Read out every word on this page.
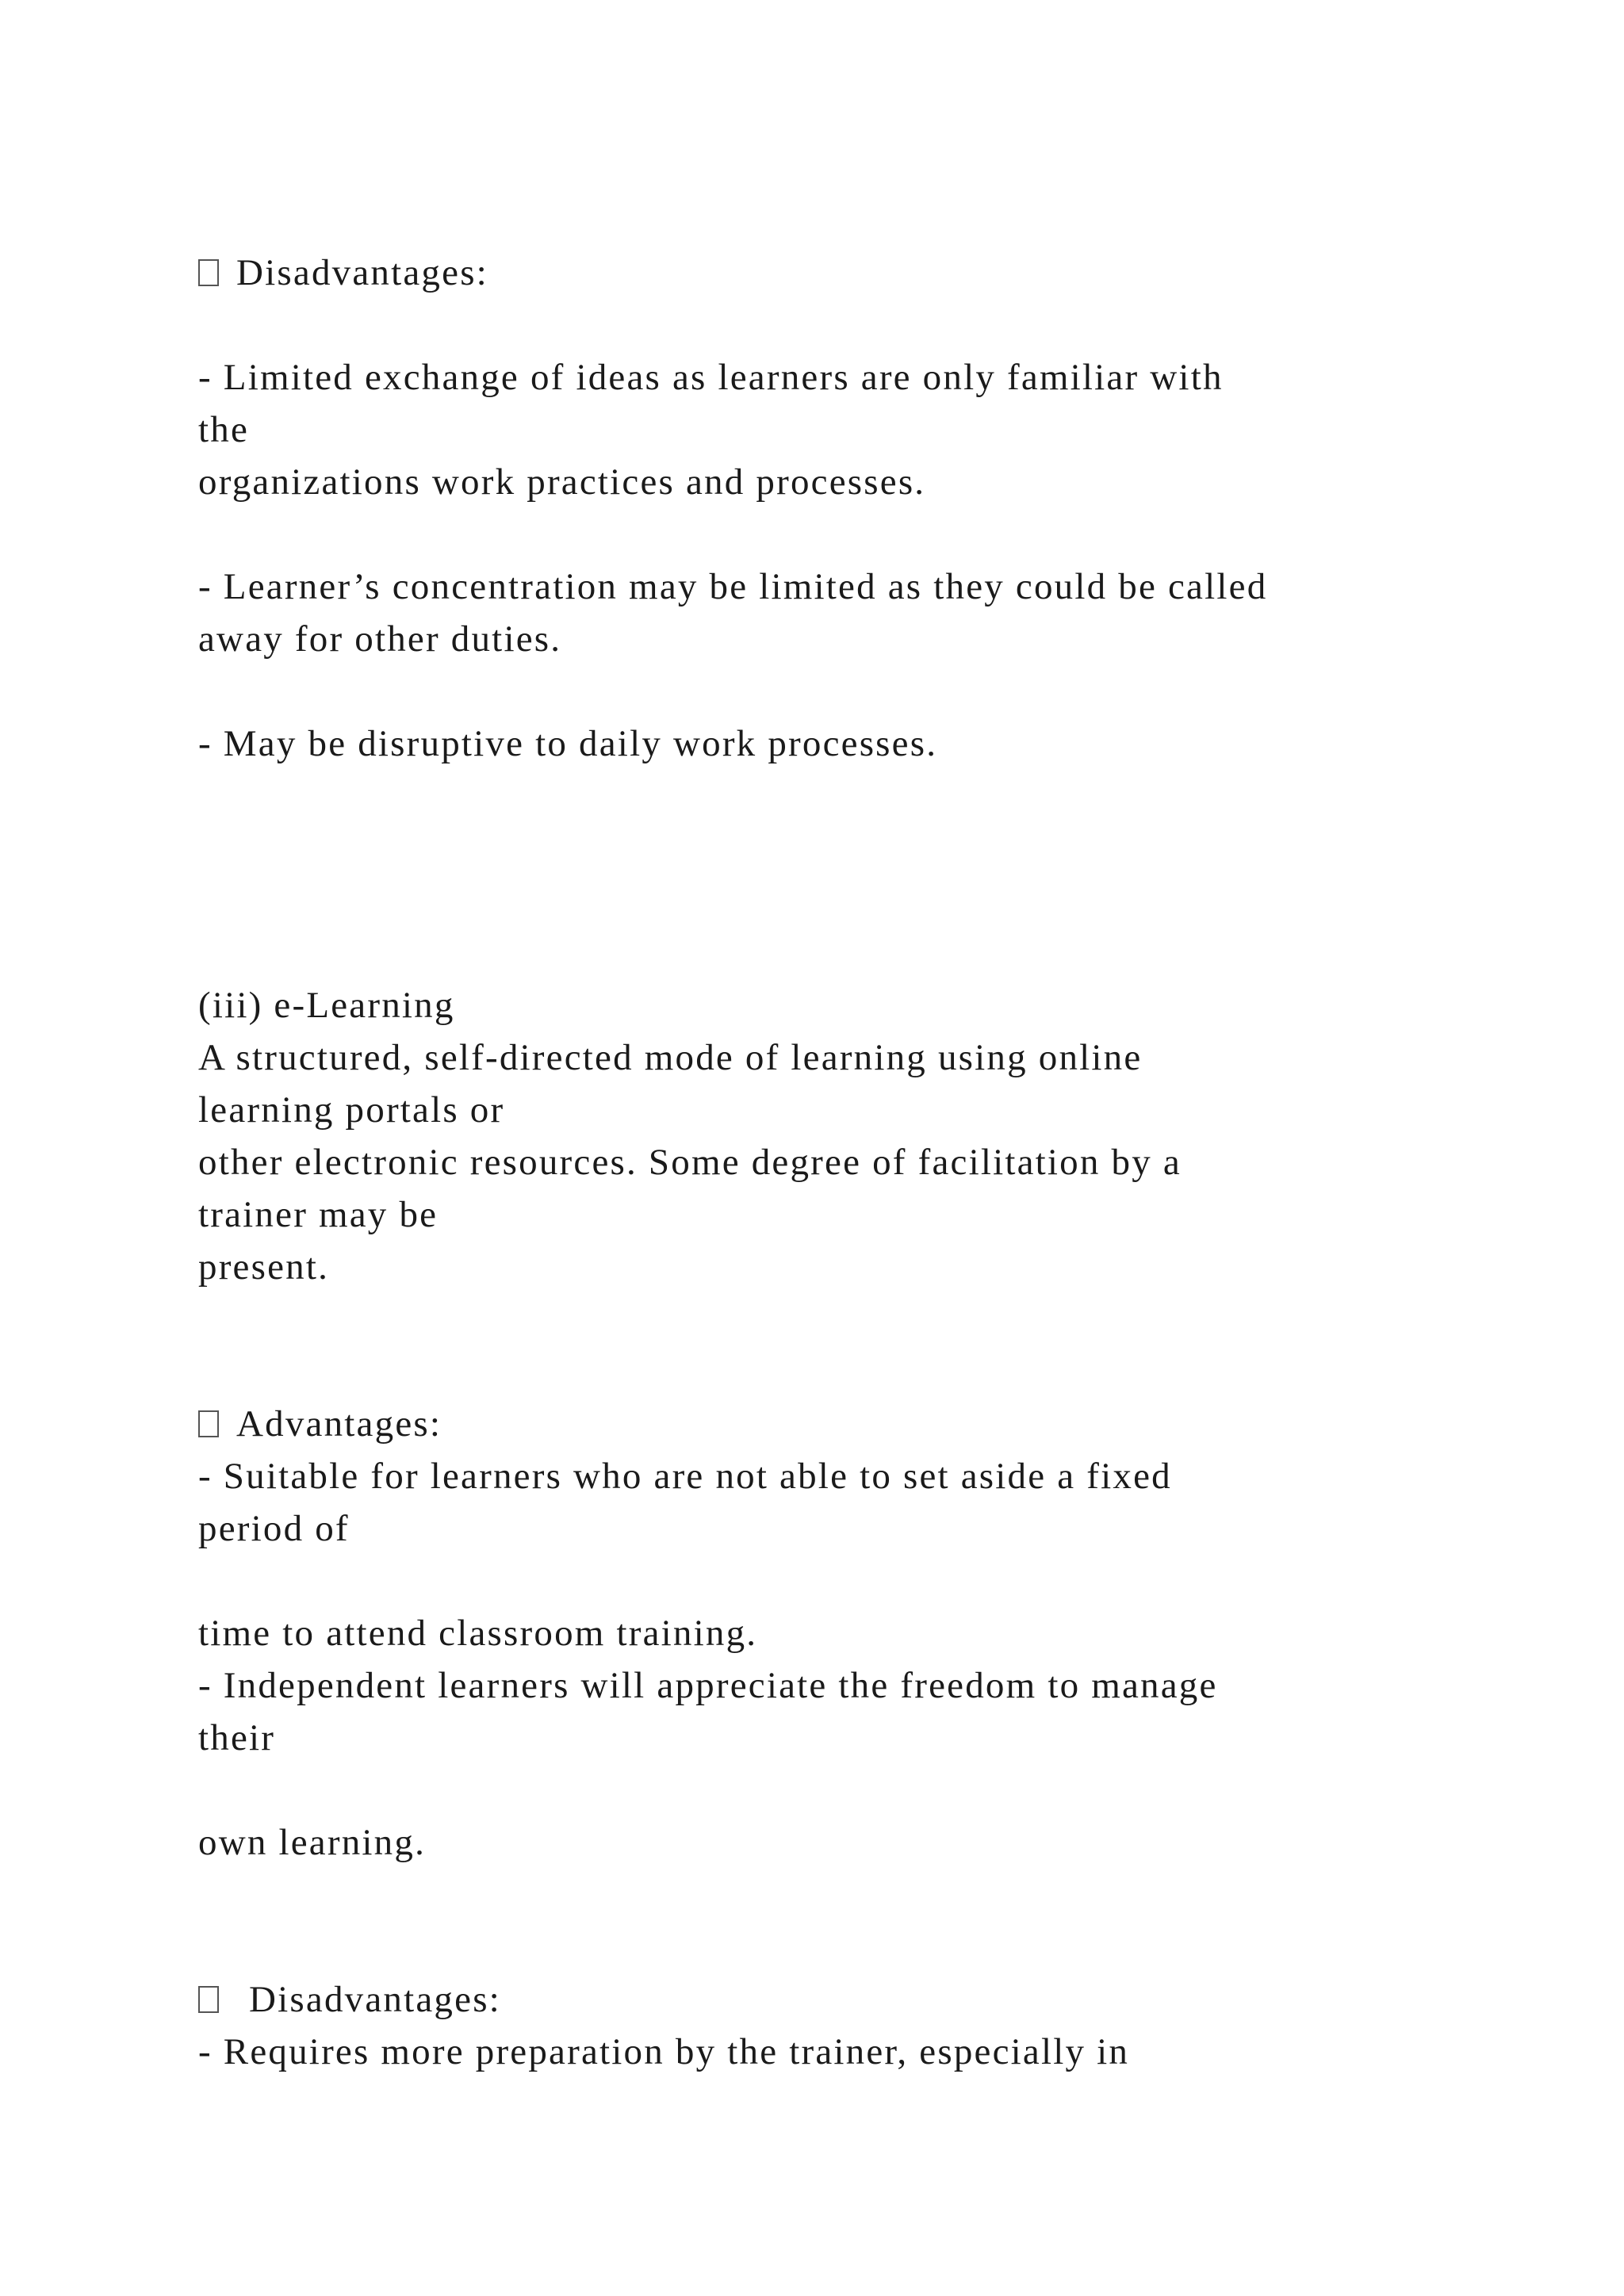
Disadvantages:
- Limited exchange of ideas as learners are only familiar with
the
organizations work practices and processes.
- Learner’s concentration may be limited as they could be called
away for other duties.
- May be disruptive to daily work processes.
(iii) e-Learning
A structured, self-directed mode of learning using online
learning portals or
other electronic resources. Some degree of facilitation by a
trainer may be
present.
Advantages:
- Suitable for learners who are not able to set aside a fixed
period of
time to attend classroom training.
- Independent learners will appreciate the freedom to manage
their
own learning.
Disadvantages:
- Requires more preparation by the trainer, especially in
